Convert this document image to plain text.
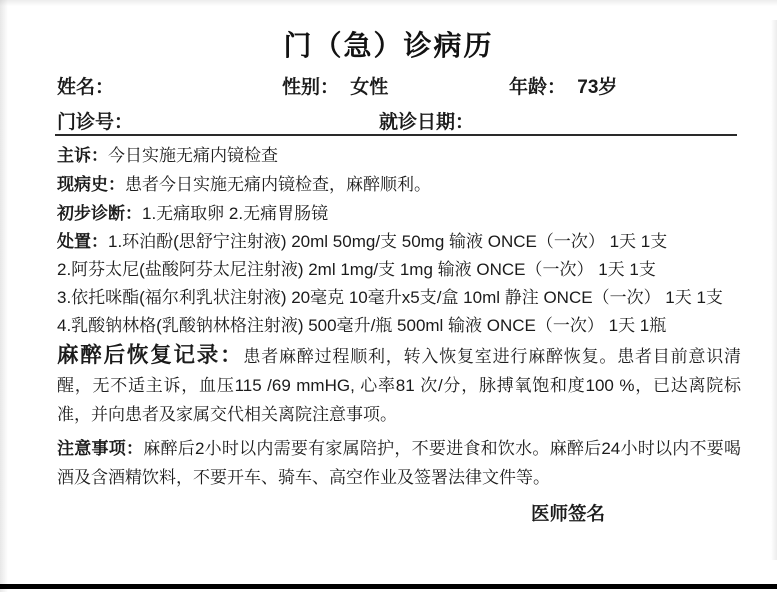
门（急）诊病历
姓名：	性别： 女性	年龄： 73岁
门诊号：	就诊日期：

主诉：今日实施无痛内镜检查

现病史：患者今日实施无痛内镜检查，麻醉顺利。

初步诊断：1.无痛取卵 2.无痛胃肠镜

处置：1.环泊酚(思舒宁注射液) 20ml 50mg/支 50mg 输液 ONCE（一次） 1天 1支
2.阿芬太尼(盐酸阿芬太尼注射液) 2ml 1mg/支 1mg 输液 ONCE（一次） 1天 1支
3.依托咪酯(福尔利乳状注射液) 20毫克 10毫升x5支/盒 10ml 静注 ONCE（一次） 1天 1支
4.乳酸钠林格(乳酸钠林格注射液) 500毫升/瓶 500ml 输液 ONCE（一次） 1天 1瓶

麻醉后恢复记录：患者麻醉过程顺利，转入恢复室进行麻醉恢复。患者目前意识清醒，无不适主诉，血压115 /69 mmHG, 心率81 次/分，脉搏氧饱和度100 %，已达离院标准，并向患者及家属交代相关离院注意事项。

注意事项：麻醉后2小时以内需要有家属陪护，不要进食和饮水。麻醉后24小时以内不要喝酒及含酒精饮料，不要开车、骑车、高空作业及签署法律文件等。

医师签名
